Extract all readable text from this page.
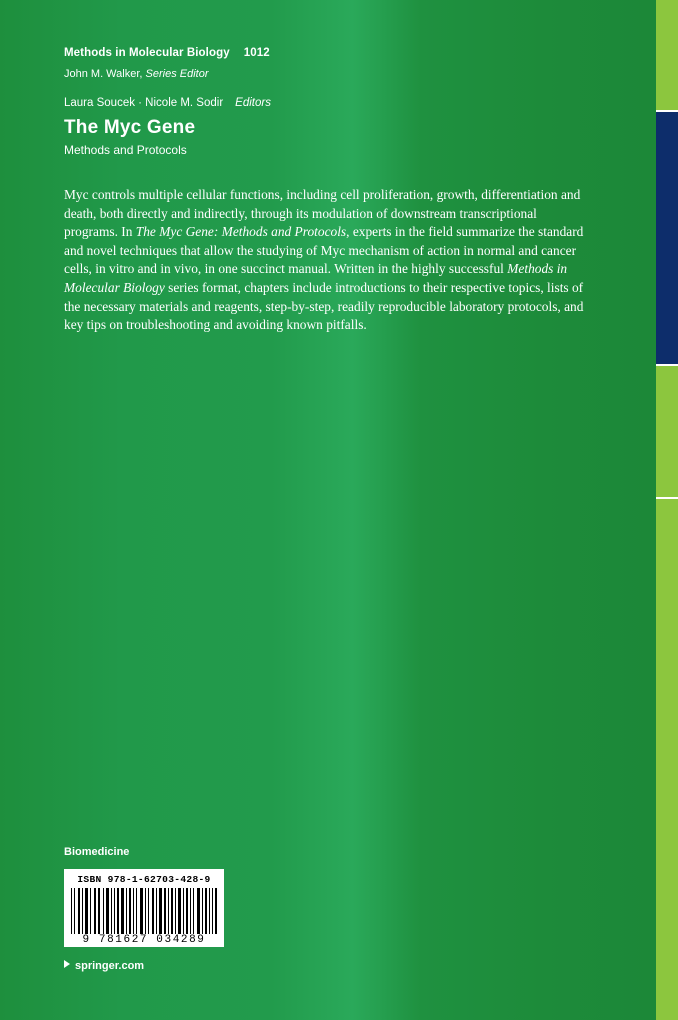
Methods in Molecular Biology 1012
John M. Walker, Series Editor
Laura Soucek · Nicole M. Sodir Editors
The Myc Gene
Methods and Protocols
Myc controls multiple cellular functions, including cell proliferation, growth, differentiation and death, both directly and indirectly, through its modulation of downstream transcriptional programs. In The Myc Gene: Methods and Protocols, experts in the field summarize the standard and novel techniques that allow the studying of Myc mechanism of action in normal and cancer cells, in vitro and in vivo, in one succinct manual. Written in the highly successful Methods in Molecular Biology series format, chapters include introductions to their respective topics, lists of the necessary materials and reagents, step-by-step, readily reproducible laboratory protocols, and key tips on troubleshooting and avoiding known pitfalls.
Biomedicine
ISBN 978-1-62703-428-9
9 781627 034289
springer.com
